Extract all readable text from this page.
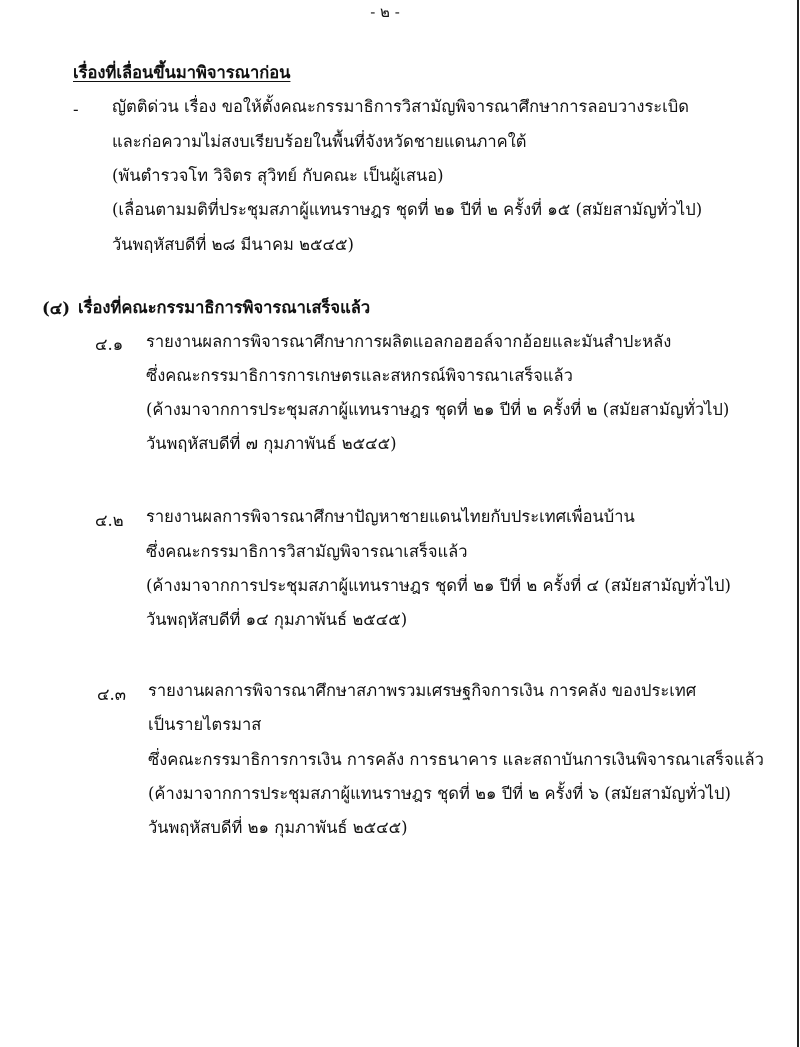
- ๒ -
เรื่องที่เลื่อนขึ้นมาพิจารณาก่อน
- ญัตติด่วน เรื่อง ขอให้ตั้งคณะกรรมาธิการวิสามัญพิจารณาศึกษาการลอบวางระเบิด
และก่อความไม่สงบเรียบร้อยในพื้นที่จังหวัดชายแดนภาคใต้
(พันตำรวจโท วิจิตร สุวิทย์ กับคณะ เป็นผู้เสนอ)
(เลื่อนตามมติที่ประชุมสภาผู้แทนราษฎร ชุดที่ ๒๑ ปีที่ ๒ ครั้งที่ ๑๕ (สมัยสามัญทั่วไป)
วันพฤหัสบดีที่ ๒๘ มีนาคม ๒๕๔๕)
(๔) เรื่องที่คณะกรรมาธิการพิจารณาเสร็จแล้ว
๔.๑ รายงานผลการพิจารณาศึกษาการผลิตแอลกอฮอล์จากอ้อยและมันสำปะหลัง
ซึ่งคณะกรรมาธิการการเกษตรและสหกรณ์พิจารณาเสร็จแล้ว
(ค้างมาจากการประชุมสภาผู้แทนราษฎร ชุดที่ ๒๑ ปีที่ ๒ ครั้งที่ ๒ (สมัยสามัญทั่วไป)
วันพฤหัสบดีที่ ๗ กุมภาพันธ์ ๒๕๔๕)
๔.๒ รายงานผลการพิจารณาศึกษาปัญหาชายแดนไทยกับประเทศเพื่อนบ้าน
ซึ่งคณะกรรมาธิการวิสามัญพิจารณาเสร็จแล้ว
(ค้างมาจากการประชุมสภาผู้แทนราษฎร ชุดที่ ๒๑ ปีที่ ๒ ครั้งที่ ๔ (สมัยสามัญทั่วไป)
วันพฤหัสบดีที่ ๑๔ กุมภาพันธ์ ๒๕๔๕)
๔.๓ รายงานผลการพิจารณาศึกษาสภาพรวมเศรษฐกิจการเงิน การคลัง ของประเทศ
เป็นรายไตรมาส
ซึ่งคณะกรรมาธิการการเงิน การคลัง การธนาคาร และสถาบันการเงินพิจารณาเสร็จแล้ว
(ค้างมาจากการประชุมสภาผู้แทนราษฎร ชุดที่ ๒๑ ปีที่ ๒ ครั้งที่ ๖ (สมัยสามัญทั่วไป)
วันพฤหัสบดีที่ ๒๑ กุมภาพันธ์ ๒๕๔๕)
